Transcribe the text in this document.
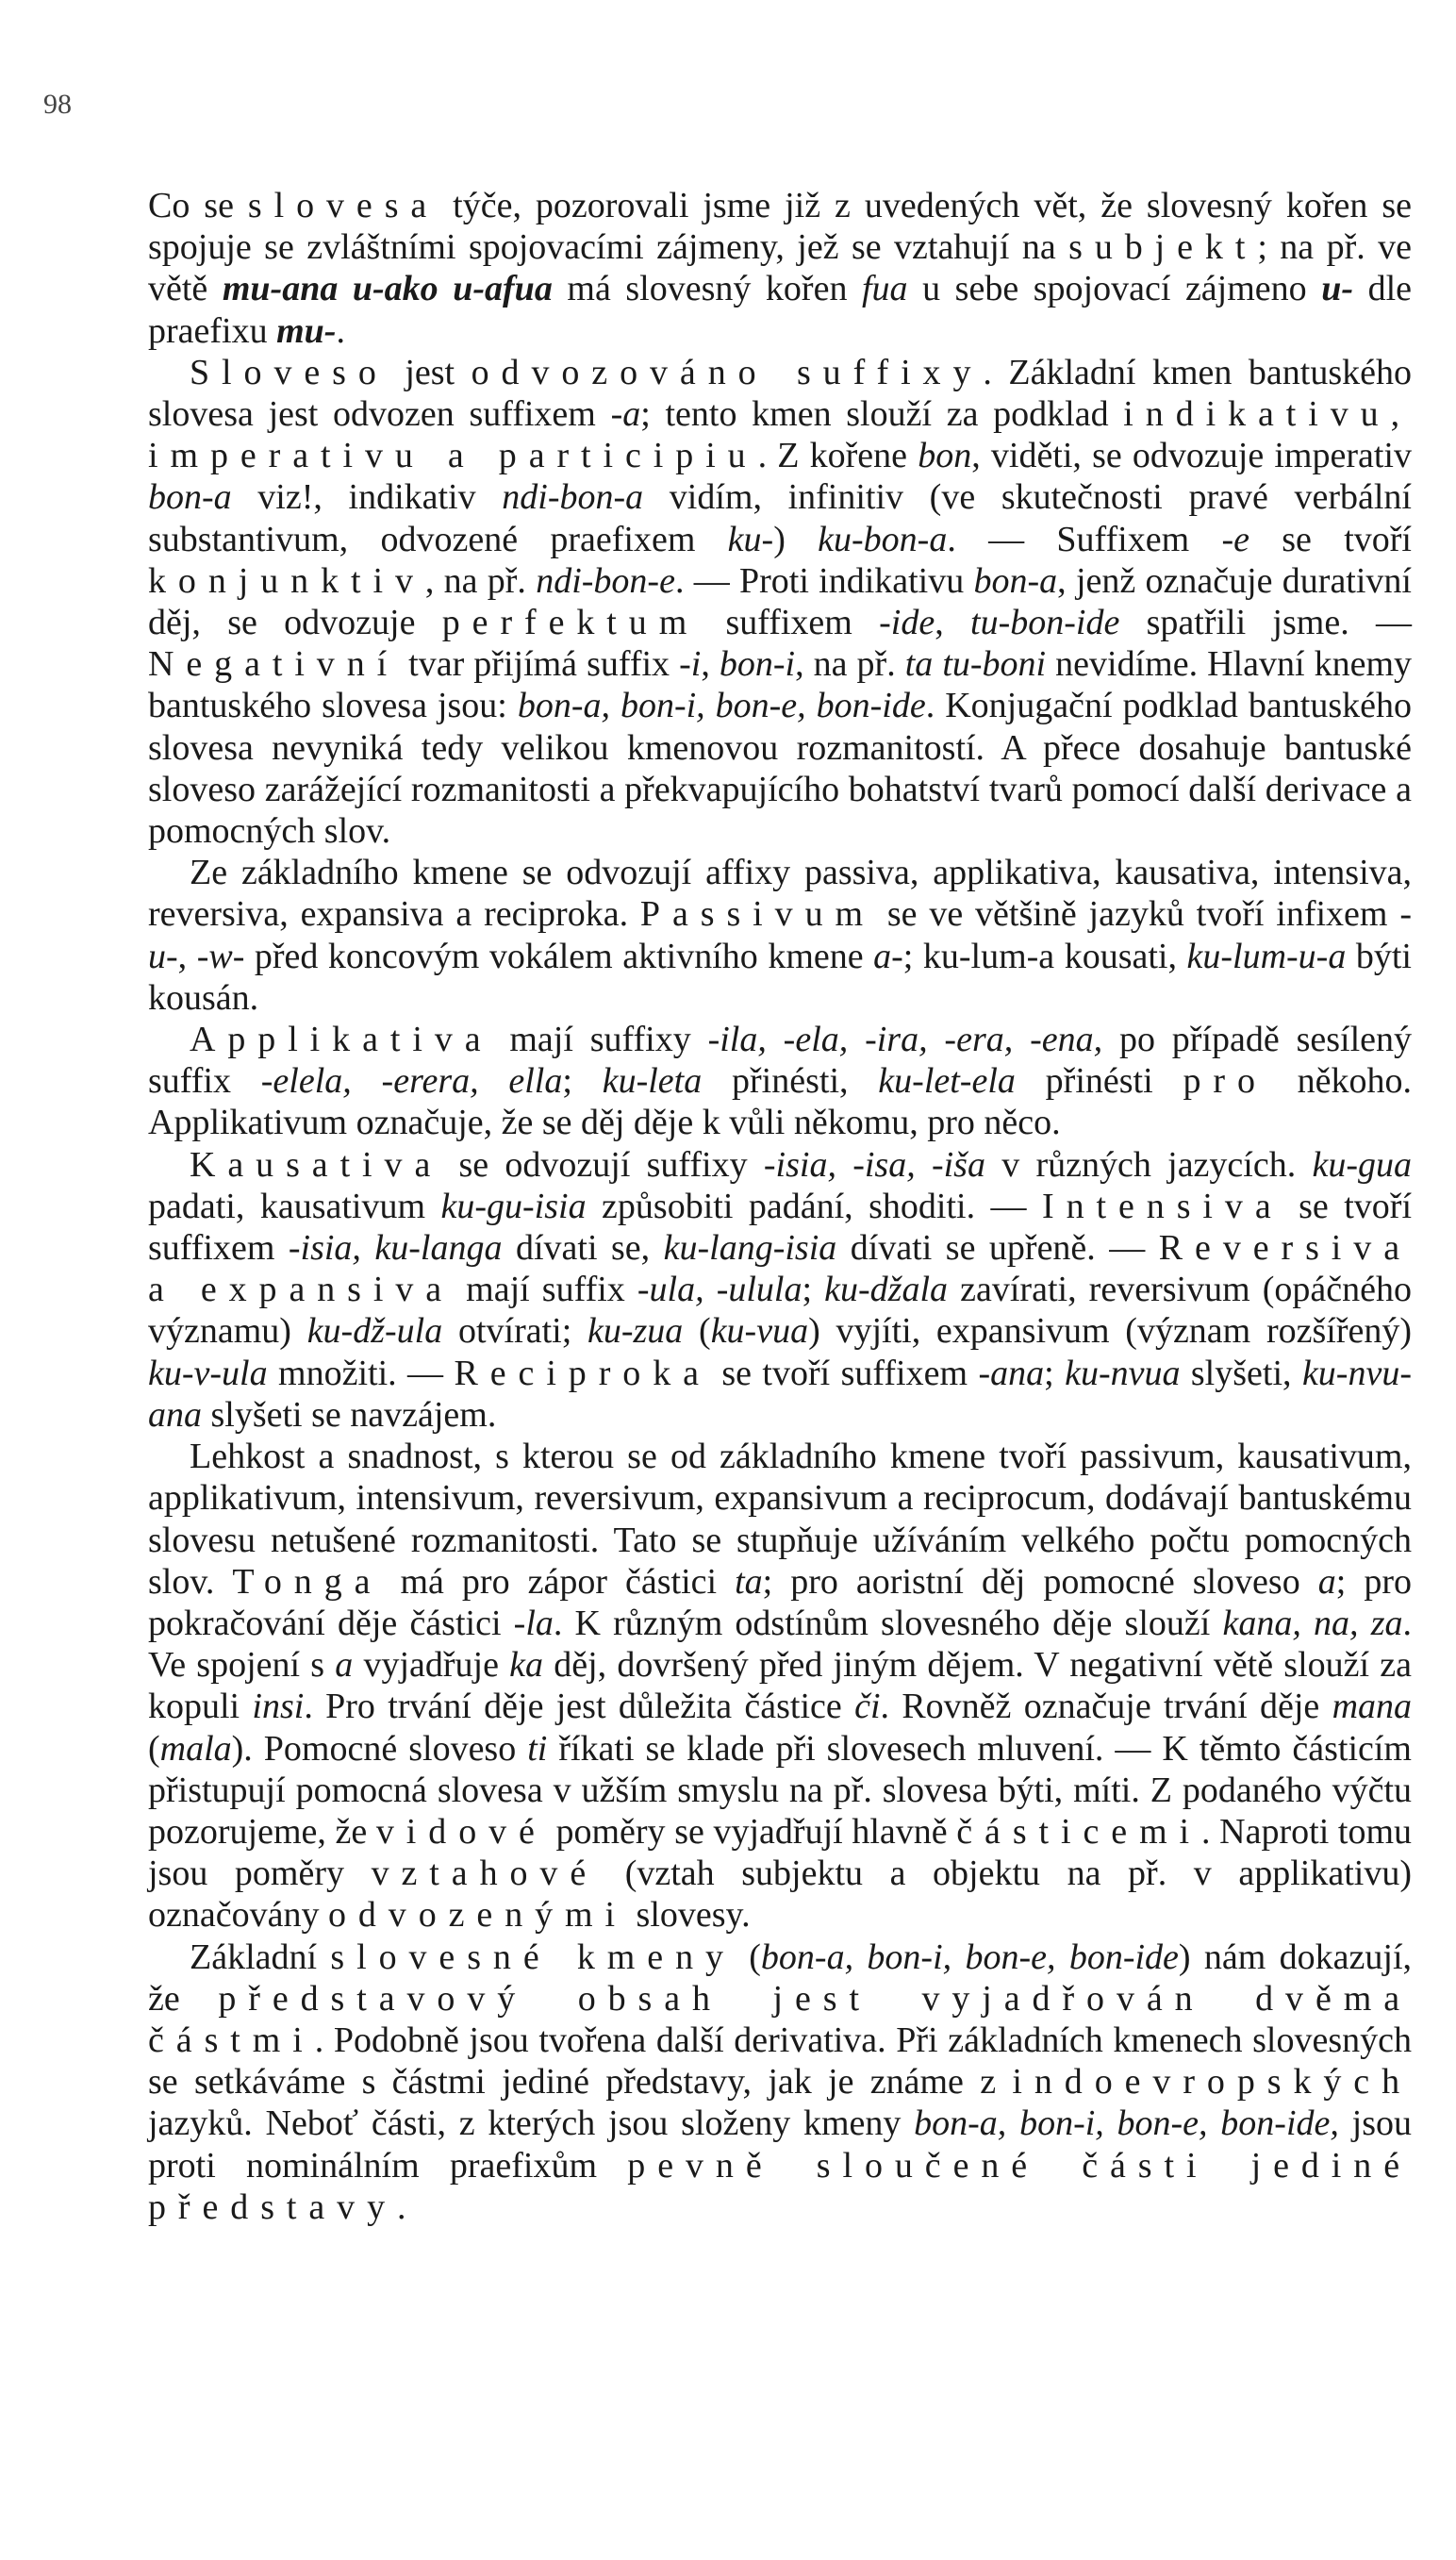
98

Co se slovesa týče, pozorovali jsme již z uvedených vět, že slovesný kořen se spojuje se zvláštními spojovacími zájmeny, jež se vztahují na subjekt; na př. ve větě mu-ana u-ako u-afua má slovesný kořen fua u sebe spojovací zájmeno u- dle praefixu mu-.

Sloveso jest odvozováno suffixy. Základní kmen bantuského slovesa jest odvozen suffixem -a; tento kmen slouží za podklad indikativu, imperativu a participiu. Z kořene bon, viděti, se odvozuje imperativ bon-a viz!, indikativ ndi-bon-a vidím, infinitiv (ve skutečnosti pravé verbální substantivum, odvozené praefixem ku-) ku-bon-a. — Suffixem -e se tvoří konjunktiv, na př. ndi-bon-e. — Proti indikativu bon-a, jenž označuje durativní děj, se odvozuje perfektum suffixem -ide, tu-bon-ide spatřili jsme. — Negativní tvar přijímá suffix -i, bon-i, na př. ta tu-boni nevidíme. Hlavní knemy bantuského slovesa jsou: bon-a, bon-i, bon-e, bon-ide. Konjugační podklad bantuského slovesa nevyniká tedy velikou kmenovou rozmanitostí. A přece dosahuje bantuské sloveso zarážející rozmanitosti a překvapujícího bohatství tvarů pomocí další derivace a pomocných slov.

Ze základního kmene se odvozují affixy passiva, applikativa, kausativa, intensiva, reversiva, expansiva a reciproka. Passivum se ve většině jazyků tvoří infixem -u-, -w- před koncovým vokálem aktivního kmene a-; ku-lum-a kousati, ku-lum-u-a býti kousán.

Applikativa mají suffixy -ila, -ela, -ira, -era, -ena, po případě sesílený suffix -elela, -erera, ella; ku-leta přinésti, ku-let-ela přinésti pro někoho. Applikativum označuje, že se děj děje k vůli někomu, pro něco.

Kausativa se odvozují suffixy -isia, -isa, -iša v různých jazycích. ku-gua padati, kausativum ku-gu-isia způsobiti padání, shoditi. — Intensiva se tvoří suffixem -isia, ku-langa dívati se, ku-lang-isia dívati se upřeně. — Reversiva a expansiva mají suffix -ula, -ulula; ku-džala zavírati, reversivum (opáčného významu) ku-dž-ula otvírati; ku-zua (ku-vua) vyjíti, expansivum (význam rozšířený) ku-v-ula množiti. — Reciproka se tvoří suffixem -ana; ku-nvua slyšeti, ku-nvu-ana slyšeti se navzájem.

Lehkost a snadnost, s kterou se od základního kmene tvoří passivum, kausativum, applikativum, intensivum, reversivum, expansivum a reciprocum, dodávají bantuskému slovesu netušené rozmanitosti. Tato se stupňuje užíváním velkého počtu pomocných slov. Tonga má pro zápor částici ta; pro aoristní děj pomocné sloveso a; pro pokračování děje částici -la. K různým odstínům slovesného děje slouží kana, na, za. Ve spojení s a vyjadřuje ka děj, dovršený před jiným dějem. V negativní větě slouží za kopuli insi. Pro trvání děje jest důležita částice či. Rovněž označuje trvání děje mana (mala). Pomocné sloveso ti říkati se klade při slovesech mluvení. — K těmto částicím přistupují pomocná slovesa v užším smyslu na př. slovesa býti, míti. Z podaného výčtu pozorujeme, že vidové poměry se vyjadřují hlavně částicemi. Naproti tomu jsou poměry vztahové (vztah subjektu a objektu na př. v applikativu) označovány odvozenými slovesy.

Základní slovesné kmeny (bon-a, bon-i, bon-e, bon-ide) nám dokazují, že představový obsah jest vyjadřován dvěma částmi. Podobně jsou tvořena další derivativa. Při základních kmenech slovesných se setkáváme s částmi jediné představy, jak je známe z indoevropských jazyků. Neboť části, z kterých jsou složeny kmeny bon-a, bon-i, bon-e, bon-ide, jsou proti nominálním praefixům pevně sloučené části jediné představy.
